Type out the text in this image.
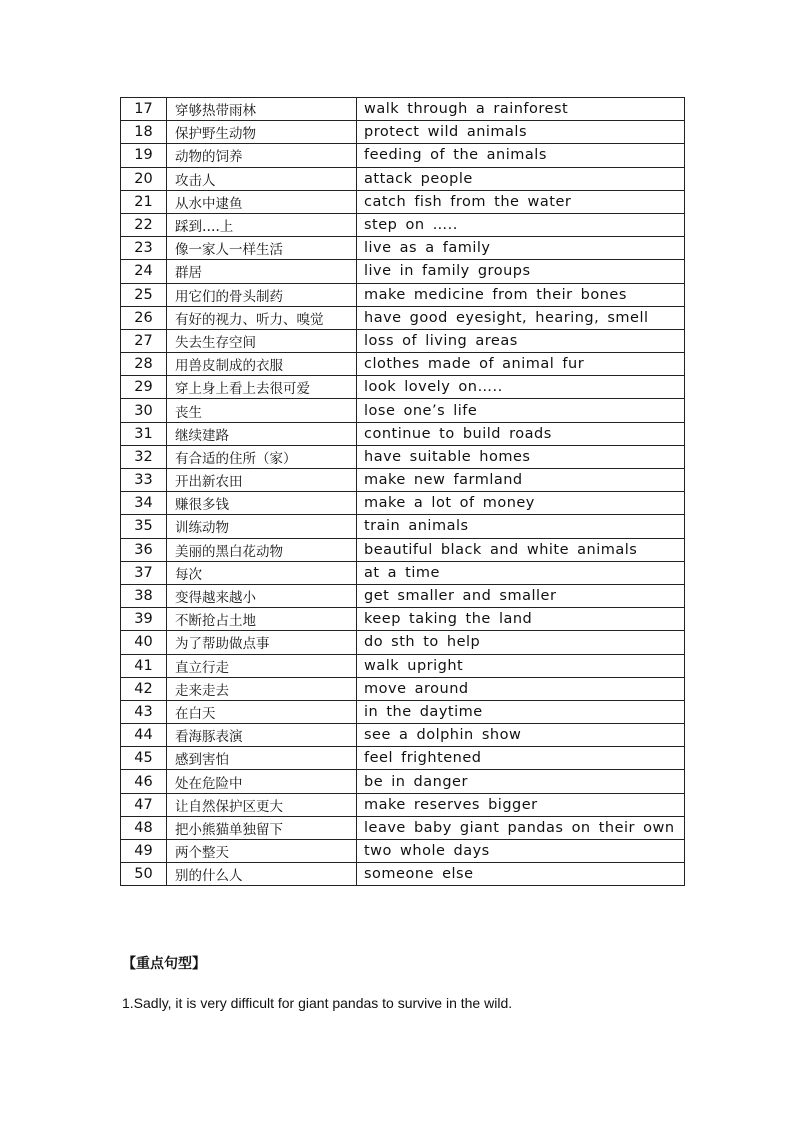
17	穿够热带雨林	walk through a rainforest
18	保护野生动物	protect wild animals
19	动物的饲养	feeding of the animals
20	攻击人	attack people
21	从水中逮鱼	catch fish from the water
22	踩到….上	step on …..
23	像一家人一样生活	live as a family
24	群居	live in family groups
25	用它们的骨头制药	make medicine from their bones
26	有好的视力、听力、嗅觉	have good eyesight, hearing, smell
27	失去生存空间	loss of living areas
28	用兽皮制成的衣服	clothes made of animal fur
29	穿上身上看上去很可爱	look lovely on…..
30	丧生	lose one’s life
31	继续建路	continue to build roads
32	有合适的住所（家）	have suitable homes
33	开出新农田	make new farmland
34	赚很多钱	make a lot of money
35	训练动物	train animals
36	美丽的黑白花动物	beautiful black and white animals
37	每次	at a time
38	变得越来越小	get smaller and smaller
39	不断抢占土地	keep taking the land
40	为了帮助做点事	do sth to help
41	直立行走	walk upright
42	走来走去	move around
43	在白天	in the daytime
44	看海豚表演	see a dolphin show
45	感到害怕	feel frightened
46	处在危险中	be in danger
47	让自然保护区更大	make reserves bigger
48	把小熊猫单独留下	leave baby giant pandas on their own
49	两个整天	two whole days
50	别的什么人	someone else
【重点句型】
1.Sadly, it is very difficult for giant pandas to survive in the wild.
